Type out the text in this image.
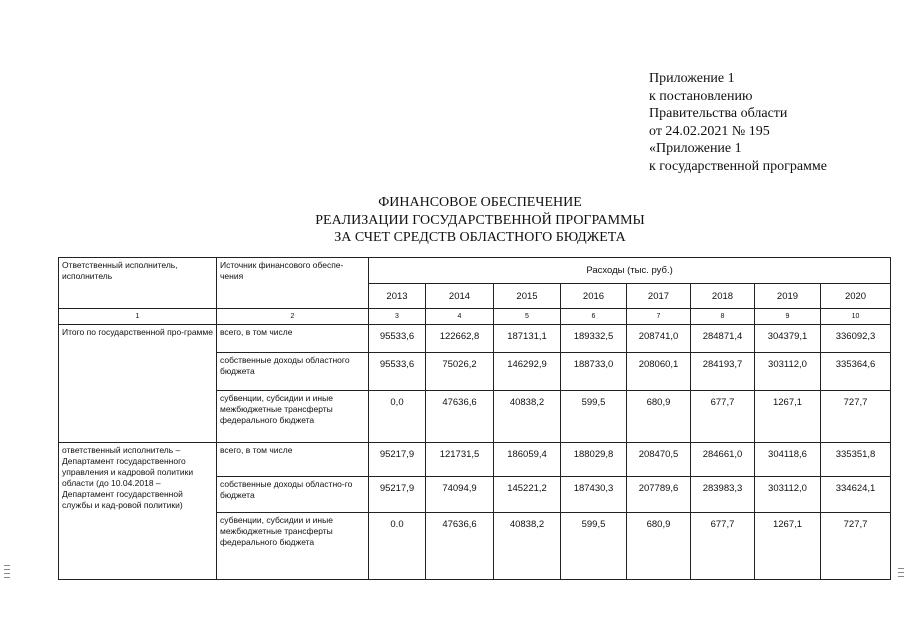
Приложение 1
к постановлению
Правительства области
от 24.02.2021 № 195
«Приложение 1
к государственной программе
ФИНАНСОВОЕ ОБЕСПЕЧЕНИЕ
РЕАЛИЗАЦИИ ГОСУДАРСТВЕННОЙ ПРОГРАММЫ
ЗА СЧЕТ СРЕДСТВ ОБЛАСТНОГО БЮДЖЕТА
Ответственный исполнитель, исполнитель	Источник финансового обеспе-чения	Расходы (тыс. руб.)							
		2013	2014	2015	2016	2017	2018	2019	2020
1	2	3	4	5	6	7	8	9	10
Итого по государственной про-грамме	всего, в том числе	95533,6	122662,8	187131,1	189332,5	208741,0	284871,4	304379,1	336092,3
	собственные доходы областного бюджета	95533,6	75026,2	146292,9	188733,0	208060,1	284193,7	303112,0	335364,6
	субвенции, субсидии и иные межбюджетные трансферты федерального бюджета	0,0	47636,6	40838,2	599,5	680,9	677,7	1267,1	727,7
ответственный исполнитель – Департамент государственного управления и кадровой политики области (до 10.04.2018 – Департамент государственной службы и кад-ровой политики)	всего, в том числе	95217,9	121731,5	186059,4	188029,8	208470,5	284661,0	304118,6	335351,8
	собственные доходы областно-го бюджета	95217,9	74094,9	145221,2	187430,3	207789,6	283983,3	303112,0	334624,1
	субвенции, субсидии и иные межбюджетные трансферты федерального бюджета	0.0	47636,6	40838,2	599,5	680,9	677,7	1267,1	727,7
